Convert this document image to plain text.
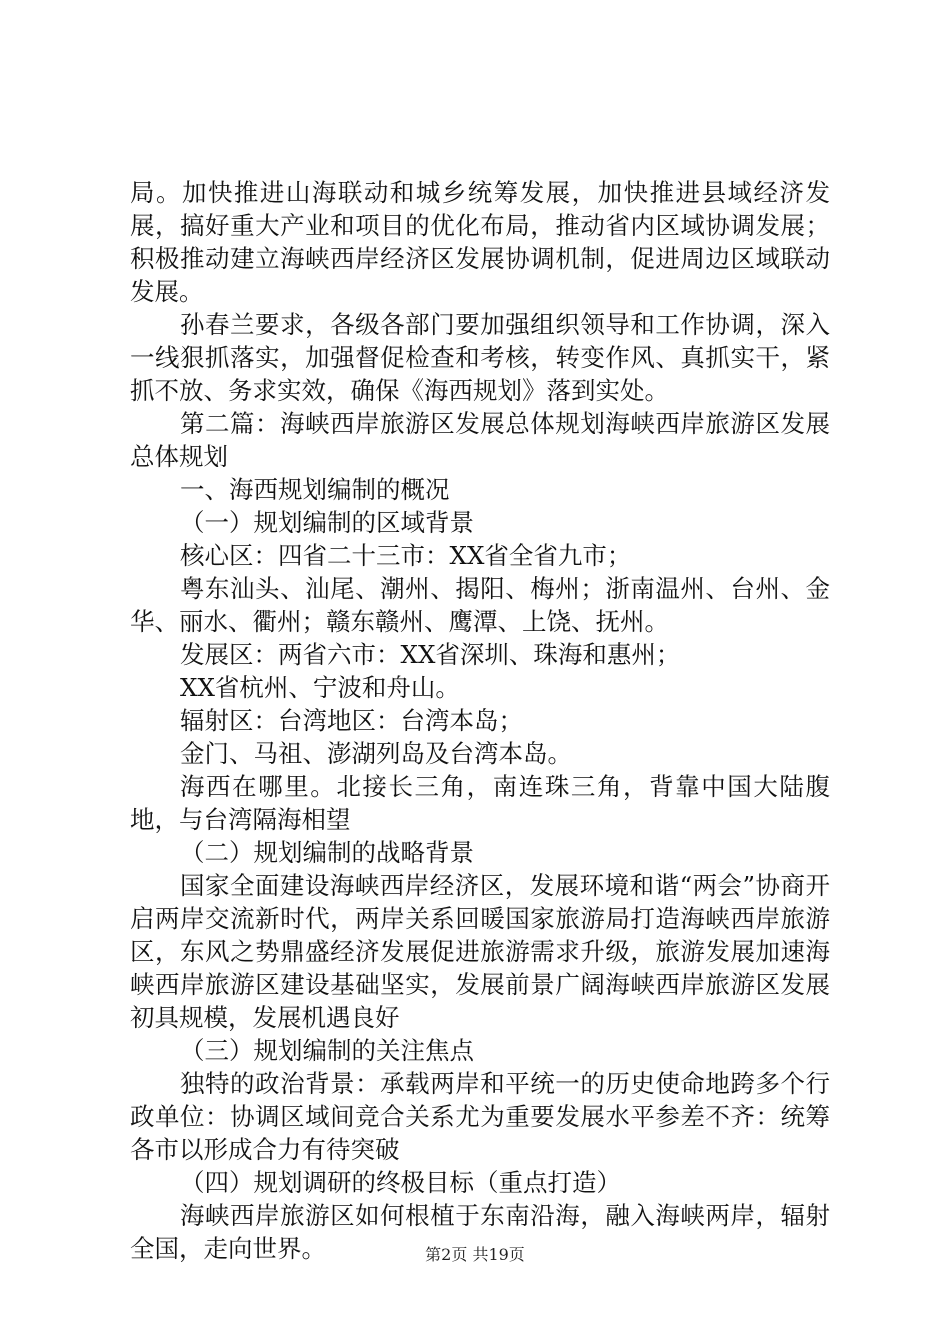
局。加快推进山海联动和城乡统筹发展，加快推进县域经济发展，搞好重大产业和项目的优化布局，推动省内区域协调发展；积极推动建立海峡西岸经济区发展协调机制，促进周边区域联动发展。

孙春兰要求，各级各部门要加强组织领导和工作协调，深入一线狠抓落实，加强督促检查和考核，转变作风、真抓实干，紧抓不放、务求实效，确保《海西规划》落到实处。

第二篇：海峡西岸旅游区发展总体规划海峡西岸旅游区发展总体规划

一、海西规划编制的概况

（一）规划编制的区域背景

核心区：四省二十三市：XX省全省九市；

粤东汕头、汕尾、潮州、揭阳、梅州；浙南温州、台州、金华、丽水、衢州；赣东赣州、鹰潭、上饶、抚州。

发展区：两省六市：XX省深圳、珠海和惠州；

XX省杭州、宁波和舟山。

辐射区：台湾地区：台湾本岛；

金门、马祖、澎湖列岛及台湾本岛。

海西在哪里。北接长三角，南连珠三角，背靠中国大陆腹地，与台湾隔海相望

（二）规划编制的战略背景

国家全面建设海峡西岸经济区，发展环境和谐“两会”协商开启两岸交流新时代，两岸关系回暖国家旅游局打造海峡西岸旅游区，东风之势鼎盛经济发展促进旅游需求升级，旅游发展加速海峡西岸旅游区建设基础坚实，发展前景广阔海峡西岸旅游区发展初具规模，发展机遇良好

（三）规划编制的关注焦点

独特的政治背景：承载两岸和平统一的历史使命地跨多个行政单位：协调区域间竞合关系尤为重要发展水平参差不齐：统筹各市以形成合力有待突破

（四）规划调研的终极目标（重点打造）

海峡西岸旅游区如何根植于东南沿海，融入海峡两岸，辐射全国，走向世界。	第2页 共19页
